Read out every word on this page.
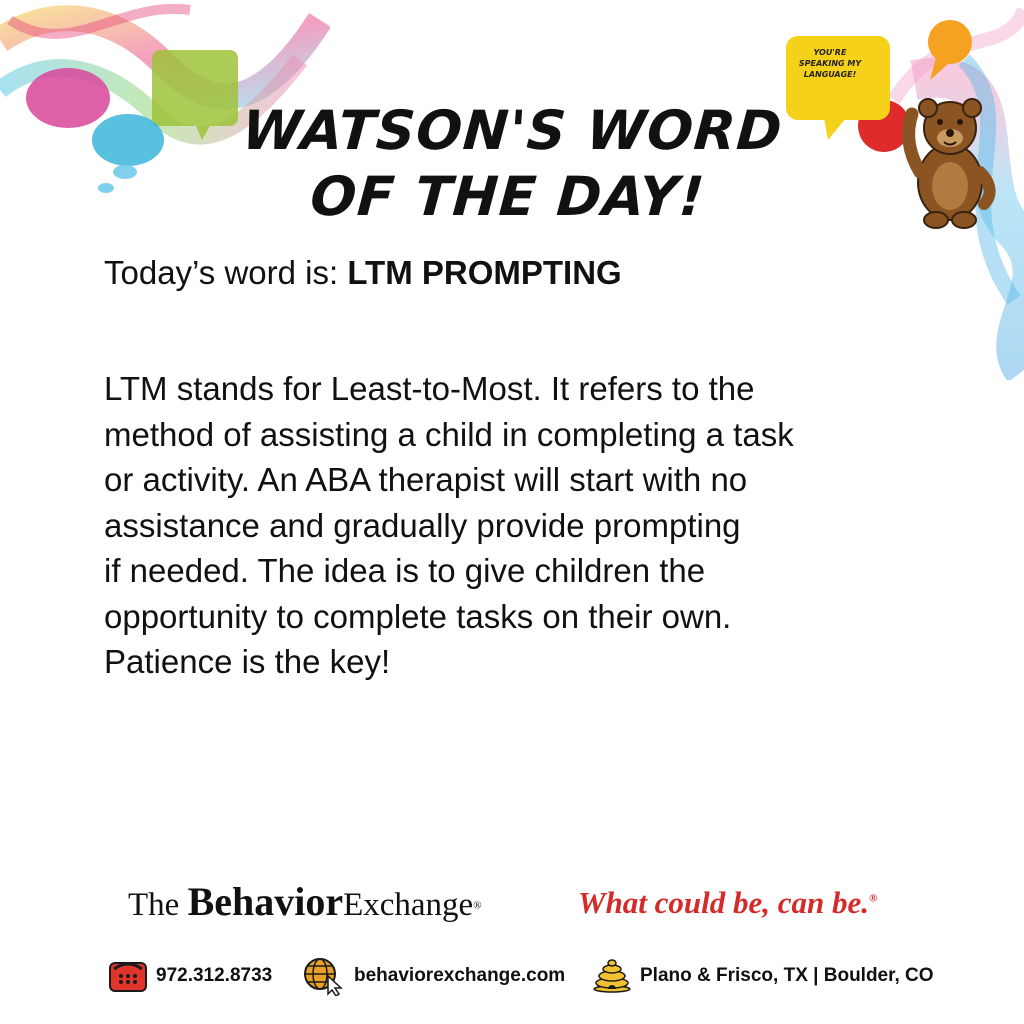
YOU'RE SPEAKING MY LANGUAGE!
WATSON'S WORD
OF THE DAY!
Today’s word is: LTM PROMPTING

LTM stands for Least-to-Most. It refers to the
method of assisting a child in completing a task
or activity. An ABA therapist will start with no
assistance and gradually provide prompting
if needed. The idea is to give children the
opportunity to complete tasks on their own.
Patience is the key!

The BehaviorExchange®	What could be, can be.®
972.312.8733	behaviorexchange.com	Plano & Frisco, TX | Boulder, CO
